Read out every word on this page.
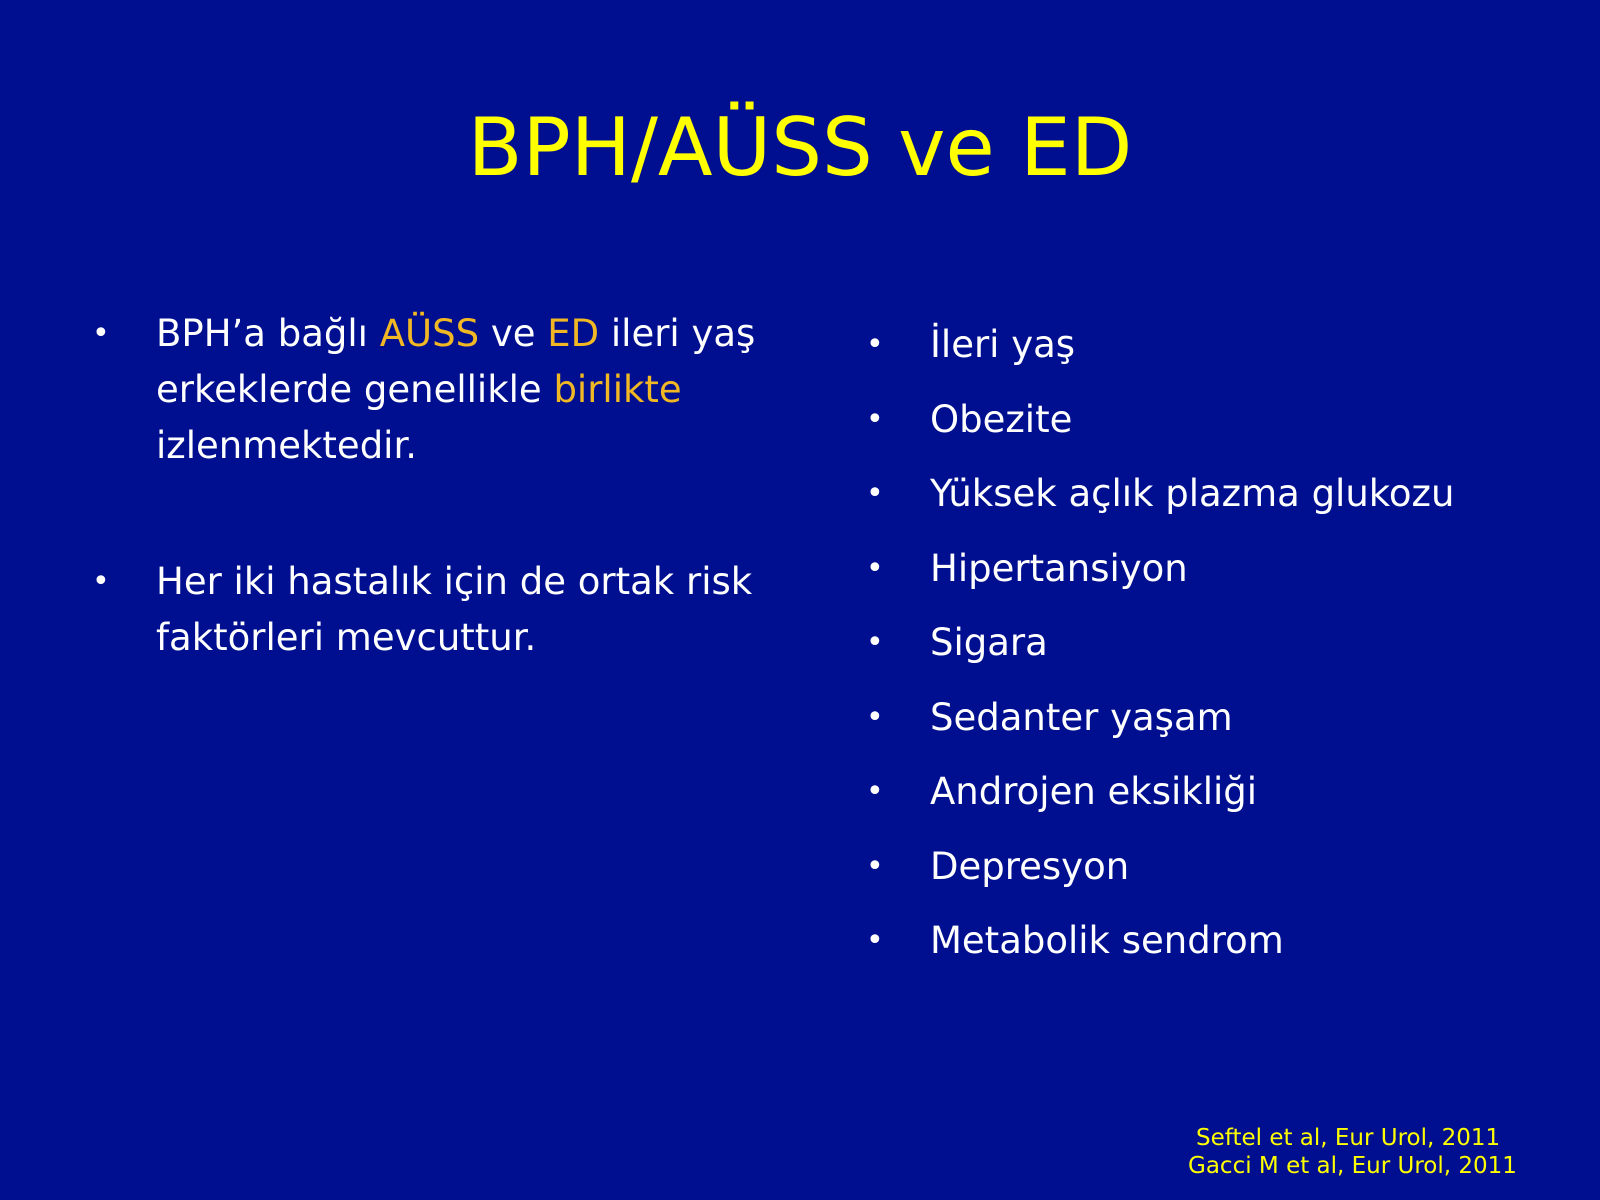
BPH/AÜSS ve ED
•	BPH’a bağlı AÜSS ve ED ileri yaş erkeklerde genellikle birlikte izlenmektedir.
•	Her iki hastalık için de ortak risk faktörleri mevcuttur.
•	İleri yaş
•	Obezite
•	Yüksek açlık plazma glukozu
•	Hipertansiyon
•	Sigara
•	Sedanter yaşam
•	Androjen eksikliği
•	Depresyon
•	Metabolik sendrom
Seftel et al, Eur Urol, 2011
Gacci M et al, Eur Urol, 2011
